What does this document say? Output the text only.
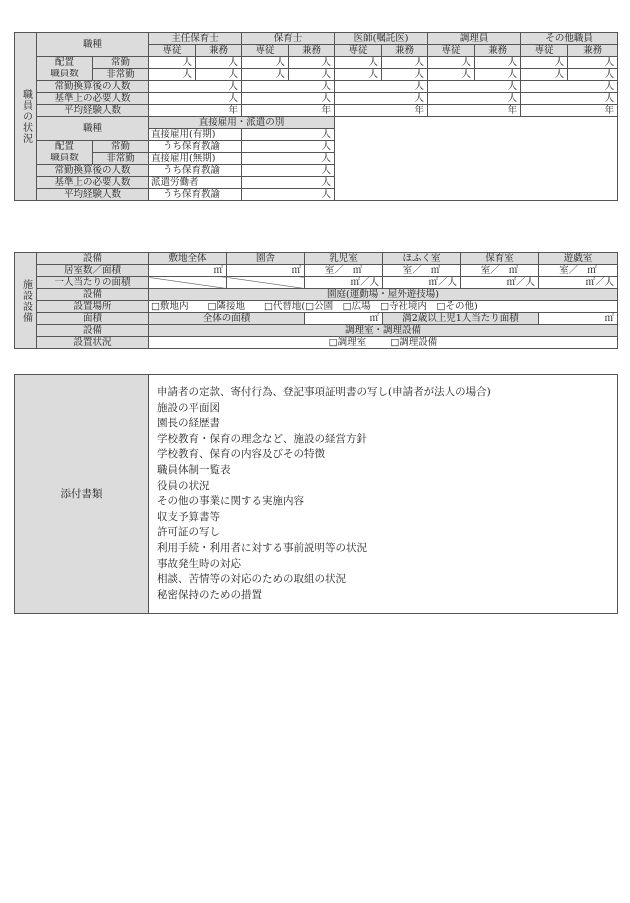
職員の状況	職種		主任保育士		保育士		医師(嘱託医)		調理員		その他職員	
			専従	兼務	専従	兼務	専従	兼務	専従	兼務	専従	兼務
	配置	常勤	人	人	人	人	人	人	人	人	人	人
	職員数	非常勤	人	人	人	人	人	人	人	人	人	人
	常勤換算後の人数		人		人		人		人		人	
	基準上の必要人数		人		人		人		人		人	
	平均経験人数		年		年		年		年		年	
	職種		直接雇用・派遣の別									
			直接雇用(有期)		人							
	配置	常勤	うち保育教諭		人							
	職員数	非常勤	直接雇用(無期)		人							
	常勤換算後の人数		うち保育教諭		人							
	基準上の必要人数		派遣労働者		人							
	平均経験人数		うち保育教諭		人							
施設設備	設備	敷地全体	園舎	乳児室	ほふく室	保育室	遊戯室
	居室数／面積	㎡	㎡	室／ ㎡	室／ ㎡	室／ ㎡	室／ ㎡
	一人当たりの面積			㎡／人	㎡／人	㎡／人	㎡／人
	設備	園庭(運動場・屋外遊技場)					
	設置場所	□敷地内　　□隣接地　　□代替地(□公園　□広場　□寺社境内　□その他)					
	面積	全体の面積		㎡	満2歳以上児1人当たり面積		㎡
	設備	調理室・調理設備					
	設置状況	□調理室 □調理設備					
添付書類	
申請者の定款、寄付行為、登記事項証明書の写し(申請者が法人の場合)
施設の平面図
園長の経歴書
学校教育・保育の理念など、施設の経営方針
学校教育、保育の内容及びその特徴
職員体制一覧表
役員の状況
その他の事業に関する実施内容
収支予算書等
許可証の写し
利用手続・利用者に対する事前説明等の状況
事故発生時の対応
相談、苦情等の対応のための取組の状況
秘密保持のための措置
